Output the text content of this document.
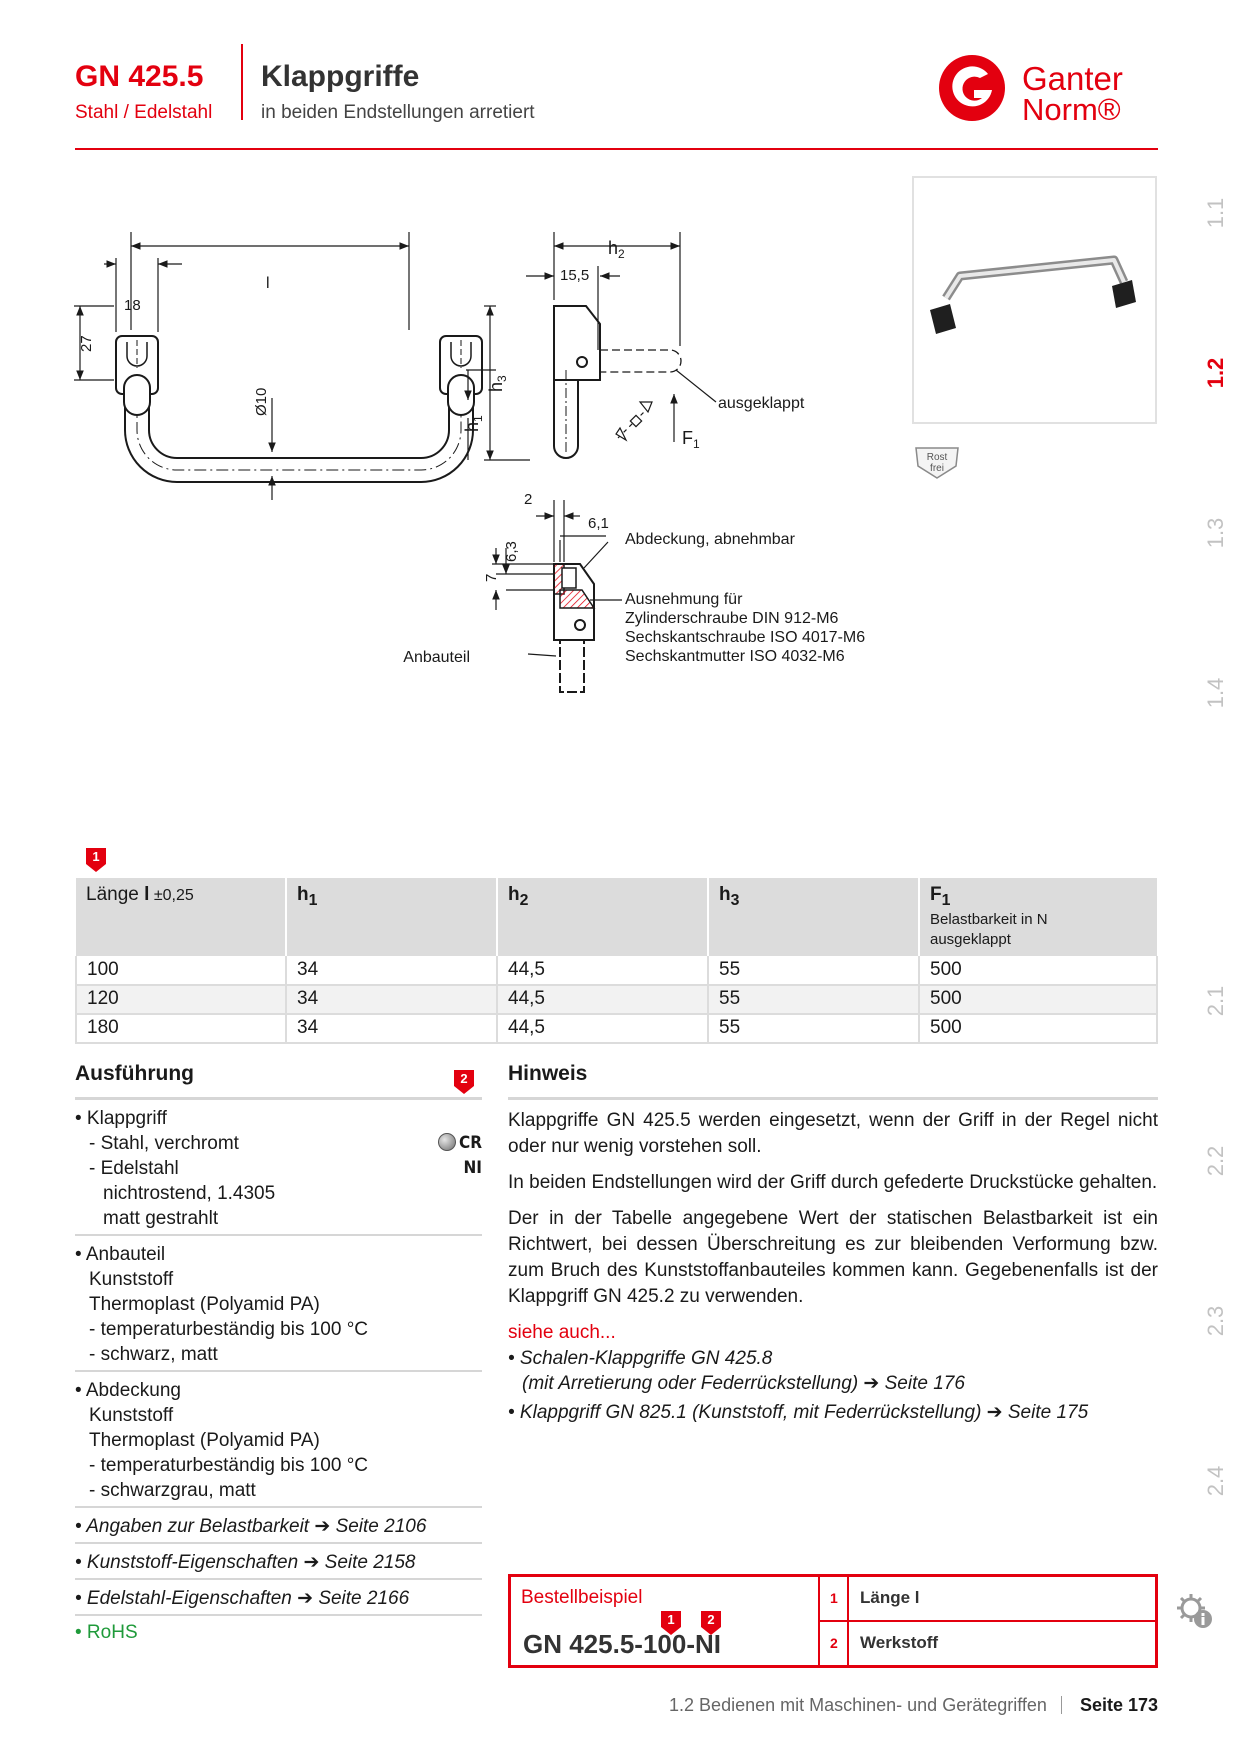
GN 425.5
Stahl / Edelstahl
Klappgriffe
in beiden Endstellungen arretiert
Ganter
Norm®
1.1
1.2
1.3
1.4
2.1
2.2
2.3
2.4
l
18
27
Ø10
$h_1$
$h_3$
$h_2$
15,5
ausgeklappt
$F_1$
2
6,1
6,3
7
Abdeckung, abnehmbar
Ausnehmung für
Zylinderschraube DIN 912-M6
Sechskantschraube ISO 4017-M6
Sechskantmutter ISO 4032-M6
Anbauteil
Rost
frei
1
Länge l ±0,25	$h_1$	$h_2$	$h_3$	$F_1$
Belastbarkeit in N
ausgeklappt

100	34	44,5	55	500
120	34	44,5	55	500
180	34	44,5	55	500
Ausführung	2
• Klappgriff
- Stahl, verchromt	CR
- Edelstahl	NI
nichtrostend, 1.4305
matt gestrahlt
• Anbauteil
Kunststoff
Thermoplast (Polyamid PA)
- temperaturbeständig bis 100 °C
- schwarz, matt
• Abdeckung
Kunststoff
Thermoplast (Polyamid PA)
- temperaturbeständig bis 100 °C
- schwarzgrau, matt
• Angaben zur Belastbarkeit ➔ Seite 2106
• Kunststoff-Eigenschaften ➔ Seite 2158
• Edelstahl-Eigenschaften ➔ Seite 2166
• RoHS
Hinweis

Klappgriffe GN 425.5 werden eingesetzt, wenn der Griff in der Regel nicht oder nur wenig vorstehen soll.

In beiden Endstellungen wird der Griff durch gefederte Druckstücke gehalten.

Der in der Tabelle angegebene Wert der statischen Belastbarkeit ist ein Richtwert, bei dessen Überschreitung es zur bleibenden Verformung bzw. zum Bruch des Kunststoffanbauteiles kommen kann. Gegebenenfalls ist der Klappgriff GN 425.2 zu verwenden.

siehe auch...
• Schalen-Klappgriffe GN 425.8
(mit Arretierung oder Federrückstellung) ➔ Seite 176
• Klappgriff GN 825.1 (Kunststoff, mit Federrückstellung) ➔ Seite 175
Bestellbeispiel
1	2
GN 425.5-100-NI
1 Länge l
2 Werkstoff
1.2 Bedienen mit Maschinen- und Gerätegriffen Seite 173
